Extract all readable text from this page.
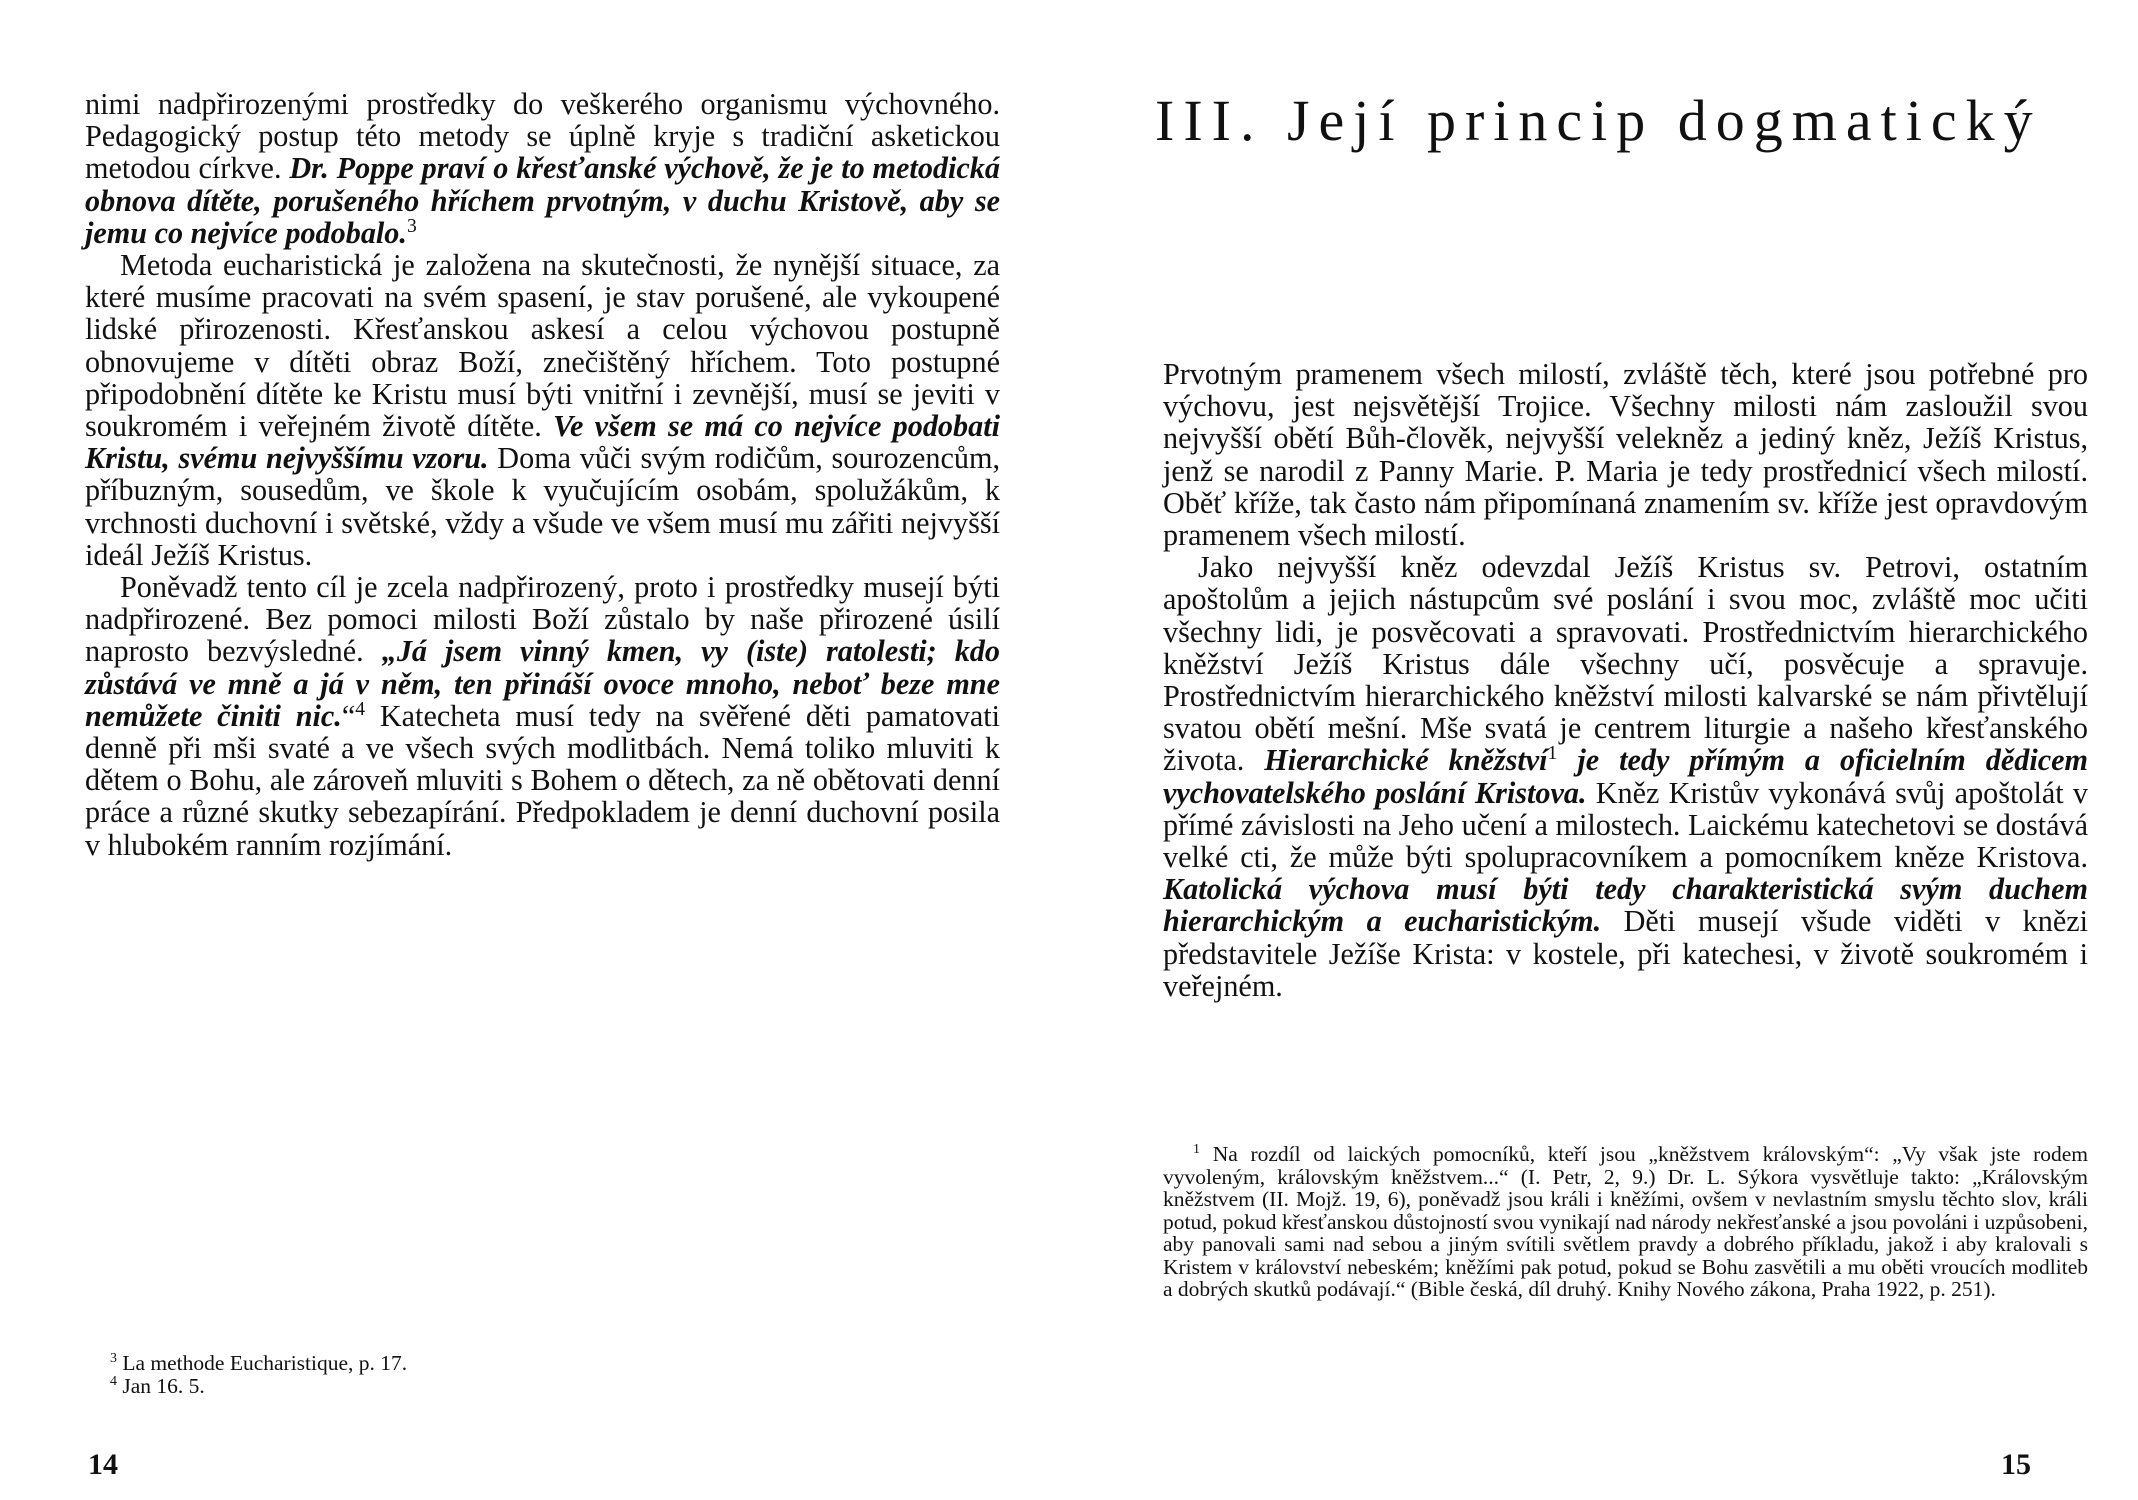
nimi nadpřirozenými prostředky do veškerého organismu výchovného. Pedagogický postup této metody se úplně kryje s tradiční asketickou metodou církve. Dr. Poppe praví o křesťanské výchově, že je to metodická obnova dítěte, porušeného hříchem prvotným, v duchu Kristově, aby se jemu co nejvíce podobalo.$^3$

Metoda eucharistická je založena na skutečnosti, že nynější situace, za které musíme pracovati na svém spasení, je stav porušené, ale vykoupené lidské přirozenosti. Křesťanskou askesí a celou výchovou postupně obnovujeme v dítěti obraz Boží, znečištěný hříchem. Toto postupné připodobnění dítěte ke Kristu musí býti vnitřní i zevnější, musí se jeviti v soukromém i veřejném životě dítěte. Ve všem se má co nejvíce podobati Kristu, svému nejvyššímu vzoru. Doma vůči svým rodičům, sourozencům, příbuzným, sousedům, ve škole k vyučujícím osobám, spolužákům, k vrchnosti duchovní i světské, vždy a všude ve všem musí mu zářiti nejvyšší ideál Ježíš Kristus.

Poněvadž tento cíl je zcela nadpřirozený, proto i prostředky musejí býti nadpřirozené. Bez pomoci milosti Boží zůstalo by naše přirozené úsilí naprosto bezvýsledné. „Já jsem vinný kmen, vy (iste) ratolesti; kdo zůstává ve mně a já v něm, ten přináší ovoce mnoho, neboť beze mne nemůžete činiti nic.“$^4$ Katecheta musí tedy na svěřené děti pamatovati denně při mši svaté a ve všech svých modlitbách. Nemá toliko mluviti k dětem o Bohu, ale zároveň mluviti s Bohem o dětech, za ně obětovati denní práce a různé skutky sebezapírání. Předpokladem je denní duchovní posila v hlubokém ranním rozjímání.

$^3$ La methode Eucharistique, p. 17.

$^4$ Jan 16. 5.

14
III. Její princip dogmatický

Prvotným pramenem všech milostí, zvláště těch, které jsou potřebné pro výchovu, jest nejsvětější Trojice. Všechny milosti nám zasloužil svou nejvyšší obětí Bůh-člověk, nejvyšší velekněz a jediný kněz, Ježíš Kristus, jenž se narodil z Panny Marie. P. Maria je tedy prostřednicí všech milostí. Oběť kříže, tak často nám připomínaná znamením sv. kříže jest opravdovým pramenem všech milostí.

Jako nejvyšší kněz odevzdal Ježíš Kristus sv. Petrovi, ostatním apoštolům a jejich nástupcům své poslání i svou moc, zvláště moc učiti všechny lidi, je posvěcovati a spravovati. Prostřednictvím hierarchického kněžství Ježíš Kristus dále všechny učí, posvěcuje a spravuje. Prostřednictvím hierarchického kněžství milosti kalvarské se nám přivtělují svatou obětí mešní. Mše svatá je centrem liturgie a našeho křesťanského života. Hierarchické kněžství$^1$ je tedy přímým a oficielním dědicem vychovatelského poslání Kristova. Kněz Kristův vykonává svůj apoštolát v přímé závislosti na Jeho učení a milostech. Laickému katechetovi se dostává velké cti, že může býti spolupracovníkem a pomocníkem kněze Kristova. Katolická výchova musí býti tedy charakteristická svým duchem hierarchickým a eucharistickým. Děti musejí všude viděti v knězi představitele Ježíše Krista: v kostele, při katechesi, v životě soukromém i veřejném.

$^1$ Na rozdíl od laických pomocníků, kteří jsou „kněžstvem královským“: „Vy však jste rodem vyvoleným, královským kněžstvem...“ (I. Petr, 2, 9.) Dr. L. Sýkora vysvětluje takto: „Královským kněžstvem (II. Mojž. 19, 6), poněvadž jsou králi i kněžími, ovšem v nevlastním smyslu těchto slov, králi potud, pokud křesťanskou důstojností svou vynikají nad národy nekřesťanské a jsou povoláni i uzpůsobeni, aby panovali sami nad sebou a jiným svítili světlem pravdy a dobrého příkladu, jakož i aby kralovali s Kristem v království nebeském; kněžími pak potud, pokud se Bohu zasvětili a mu oběti vroucích modliteb a dobrých skutků podávají.“ (Bible česká, díl druhý. Knihy Nového zákona, Praha 1922, p. 251).

15
